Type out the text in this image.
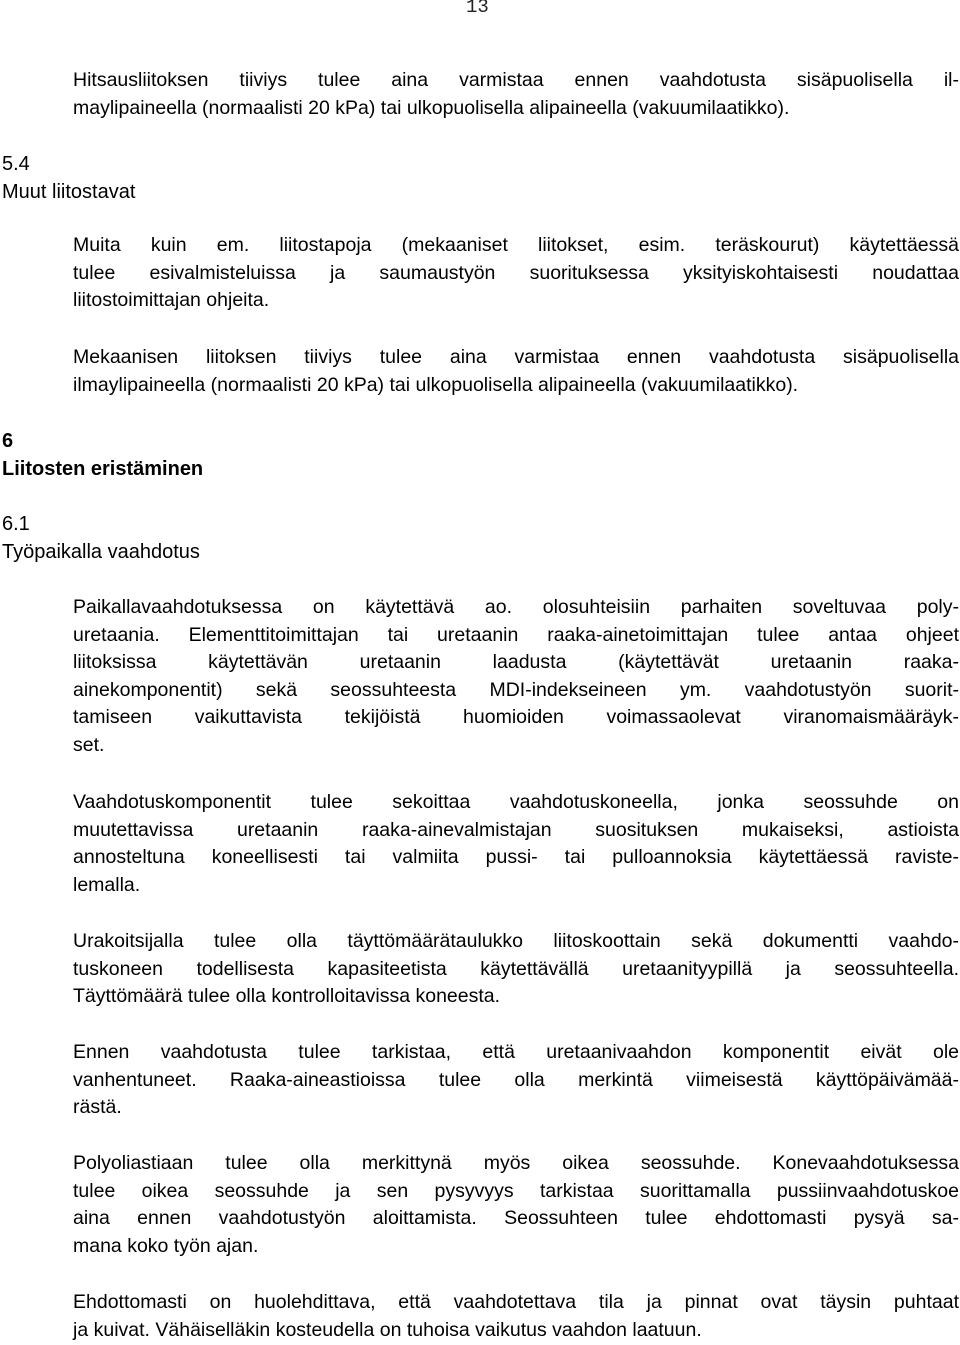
13
Hitsausliitoksen tiiviys tulee aina varmistaa ennen vaahdotusta sisäpuolisella il-
maylipaineella (normaalisti 20 kPa) tai ulkopuolisella alipaineella (vakuumilaatikko).
5.4
Muut liitostavat
Muita kuin em. liitostapoja (mekaaniset liitokset, esim. teräskourut) käytettäessä
tulee esivalmisteluissa ja saumaustyön suorituksessa yksityiskohtaisesti noudattaa
liitostoimittajan ohjeita.
Mekaanisen liitoksen tiiviys tulee aina varmistaa ennen vaahdotusta sisäpuolisella
ilmaylipaineella (normaalisti 20 kPa) tai ulkopuolisella alipaineella (vakuumilaatikko).
6
Liitosten eristäminen
6.1
Työpaikalla vaahdotus
Paikallavaahdotuksessa on käytettävä ao. olosuhteisiin parhaiten soveltuvaa poly-
uretaania. Elementtitoimittajan tai uretaanin raaka-ainetoimittajan tulee antaa ohjeet
liitoksissa käytettävän uretaanin laadusta (käytettävät uretaanin raaka-
ainekomponentit) sekä seossuhteesta MDI-indekseineen ym. vaahdotustyön suorit-
tamiseen vaikuttavista tekijöistä huomioiden voimassaolevat viranomaismääräyk-
set.
Vaahdotuskomponentit tulee sekoittaa vaahdotuskoneella, jonka seossuhde on
muutettavissa uretaanin raaka-ainevalmistajan suosituksen mukaiseksi, astioista
annosteltuna koneellisesti tai valmiita pussi- tai pulloannoksia käytettäessä raviste-
lemalla.
Urakoitsijalla tulee olla täyttömäärätaulukko liitoskoottain sekä dokumentti vaahdo-
tuskoneen todellisesta kapasiteetista käytettävällä uretaanityypillä ja seossuhteella.
Täyttömäärä tulee olla kontrolloitavissa koneesta.
Ennen vaahdotusta tulee tarkistaa, että uretaanivaahdon komponentit eivät ole
vanhentuneet. Raaka-aineastioissa tulee olla merkintä viimeisestä käyttöpäivämää-
rästä.
Polyoliastiaan tulee olla merkittynä myös oikea seossuhde. Konevaahdotuksessa
tulee oikea seossuhde ja sen pysyvyys tarkistaa suorittamalla pussiinvaahdotuskoe
aina ennen vaahdotustyön aloittamista. Seossuhteen tulee ehdottomasti pysyä sa-
mana koko työn ajan.
Ehdottomasti on huolehdittava, että vaahdotettava tila ja pinnat ovat täysin puhtaat
ja kuivat. Vähäiselläkin kosteudella on tuhoisa vaikutus vaahdon laatuun.
